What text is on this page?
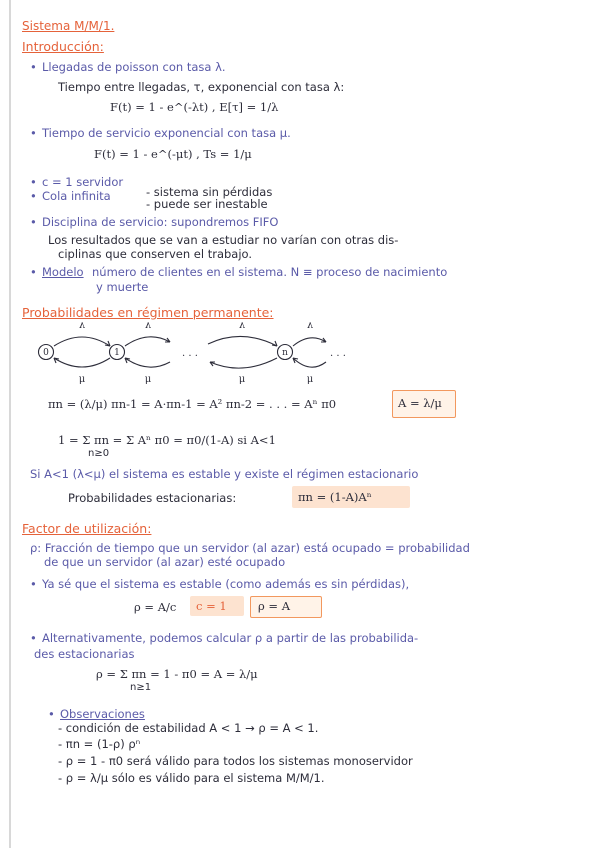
Sistema M/M/1.
Introducción:
• Llegadas de poisson con tasa λ.
Tiempo entre llegadas, τ, exponencial con tasa λ:
F(t) = 1 - e^(-λt) , E[τ] = 1/λ
• Tiempo de servicio exponencial con tasa μ.
F(t) = 1 - e^(-μt) , Ts = 1/μ
• c = 1 servidor
• Cola infinita	- sistema sin pérdidas
- puede ser inestable
• Disciplina de servicio: supondremos FIFO
Los resultados que se van a estudiar no varían con otras dis-
ciplinas que conserven el trabajo.
• Modelo número de clientes en el sistema. N ≡ proceso de nacimiento
y muerte
Probabilidades en régimen permanente:
0	1	n
λ
μ
λ
μ
λ
μ
λ
μ
. . .	. . .
πn = (λ/μ) πn-1 = A·πn-1 = A² πn-2 = . . . = Aⁿ π0	A = λ/μ
1 = Σ πn = Σ Aⁿ π0 = π0/(1-A) si A<1
n≥0
Si A<1 (λ<μ) el sistema es estable y existe el régimen estacionario
Probabilidades estacionarias:	πn = (1-A)Aⁿ
Factor de utilización:
ρ: Fracción de tiempo que un servidor (al azar) está ocupado = probabilidad
de que un servidor (al azar) esté ocupado
• Ya sé que el sistema es estable (como además es sin pérdidas),
ρ = A/c c = 1	ρ = A
• Alternativamente, podemos calcular ρ a partir de las probabilida-
des estacionarias
ρ = Σ πn = 1 - π0 = A = λ/μ
n≥1
• Observaciones
- condición de estabilidad A < 1 → ρ = A < 1.
- πn = (1-ρ) ρⁿ
- ρ = 1 - π0 será válido para todos los sistemas monoservidor
- ρ = λ/μ sólo es válido para el sistema M/M/1.
